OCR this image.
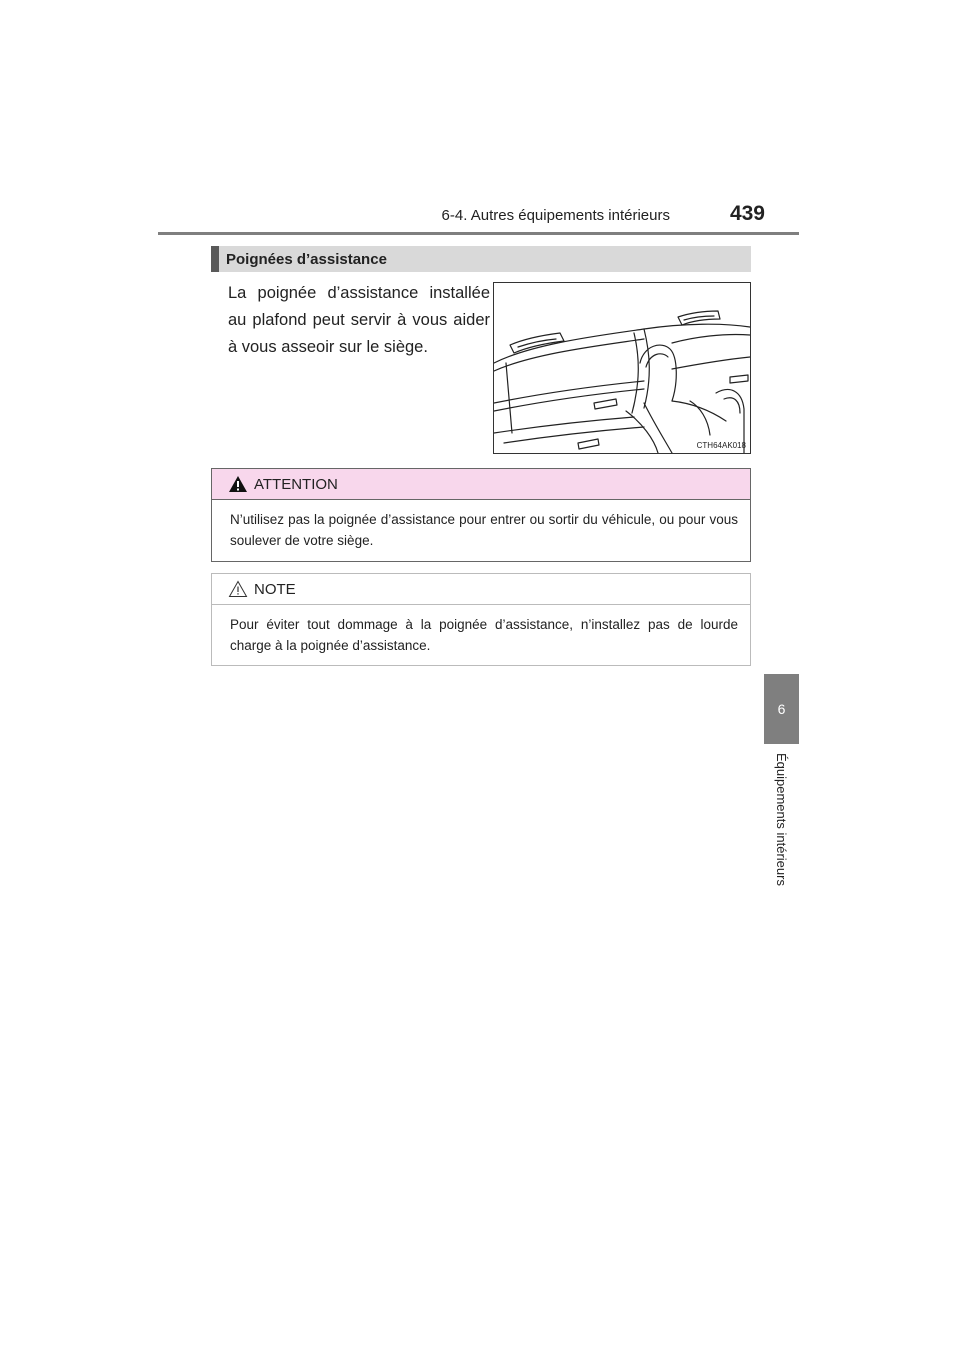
6-4. Autres équipements intérieurs	439
6
Équipements intérieurs
Poignées d’assistance
La poignée d’assistance installée au plafond peut servir à vous aider à vous asseoir sur le siège.
CTH64AK018
ATTENTION
N’utilisez pas la poignée d’assistance pour entrer ou sortir du véhicule, ou pour vous soulever de votre siège.
NOTE
Pour éviter tout dommage à la poignée d’assistance, n’installez pas de lourde charge à la poignée d’assistance.
